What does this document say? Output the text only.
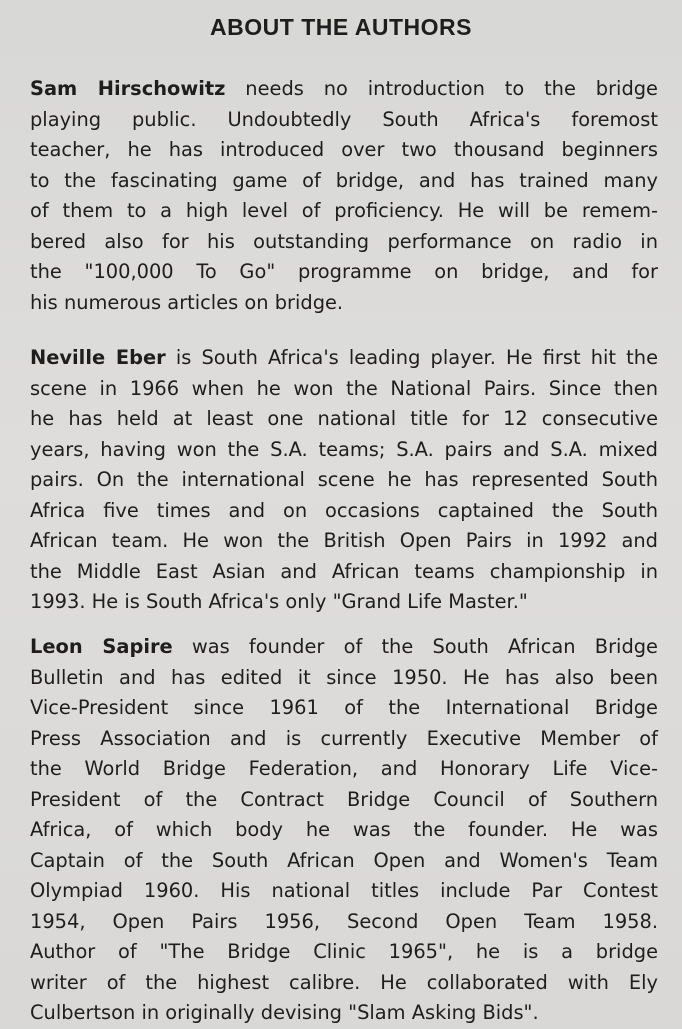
ABOUT THE AUTHORS
Sam Hirschowitz needs no introduction to the bridge
playing public. Undoubtedly South Africa's foremost
teacher, he has introduced over two thousand beginners
to the fascinating game of bridge, and has trained many
of them to a high level of proficiency. He will be remem-
bered also for his outstanding performance on radio in
the "100,000 To Go" programme on bridge, and for
his numerous articles on bridge.
Neville Eber is South Africa's leading player. He first hit the
scene in 1966 when he won the National Pairs. Since then
he has held at least one national title for 12 consecutive
years, having won the S.A. teams; S.A. pairs and S.A. mixed
pairs. On the international scene he has represented South
Africa five times and on occasions captained the South
African team. He won the British Open Pairs in 1992 and
the Middle East Asian and African teams championship in
1993. He is South Africa's only "Grand Life Master."
Leon Sapire was founder of the South African Bridge
Bulletin and has edited it since 1950. He has also been
Vice-President since 1961 of the International Bridge
Press Association and is currently Executive Member of
the World Bridge Federation, and Honorary Life Vice-
President of the Contract Bridge Council of Southern
Africa, of which body he was the founder. He was
Captain of the South African Open and Women's Team
Olympiad 1960. His national titles include Par Contest
1954, Open Pairs 1956, Second Open Team 1958.
Author of "The Bridge Clinic 1965", he is a bridge
writer of the highest calibre. He collaborated with Ely
Culbertson in originally devising "Slam Asking Bids".
